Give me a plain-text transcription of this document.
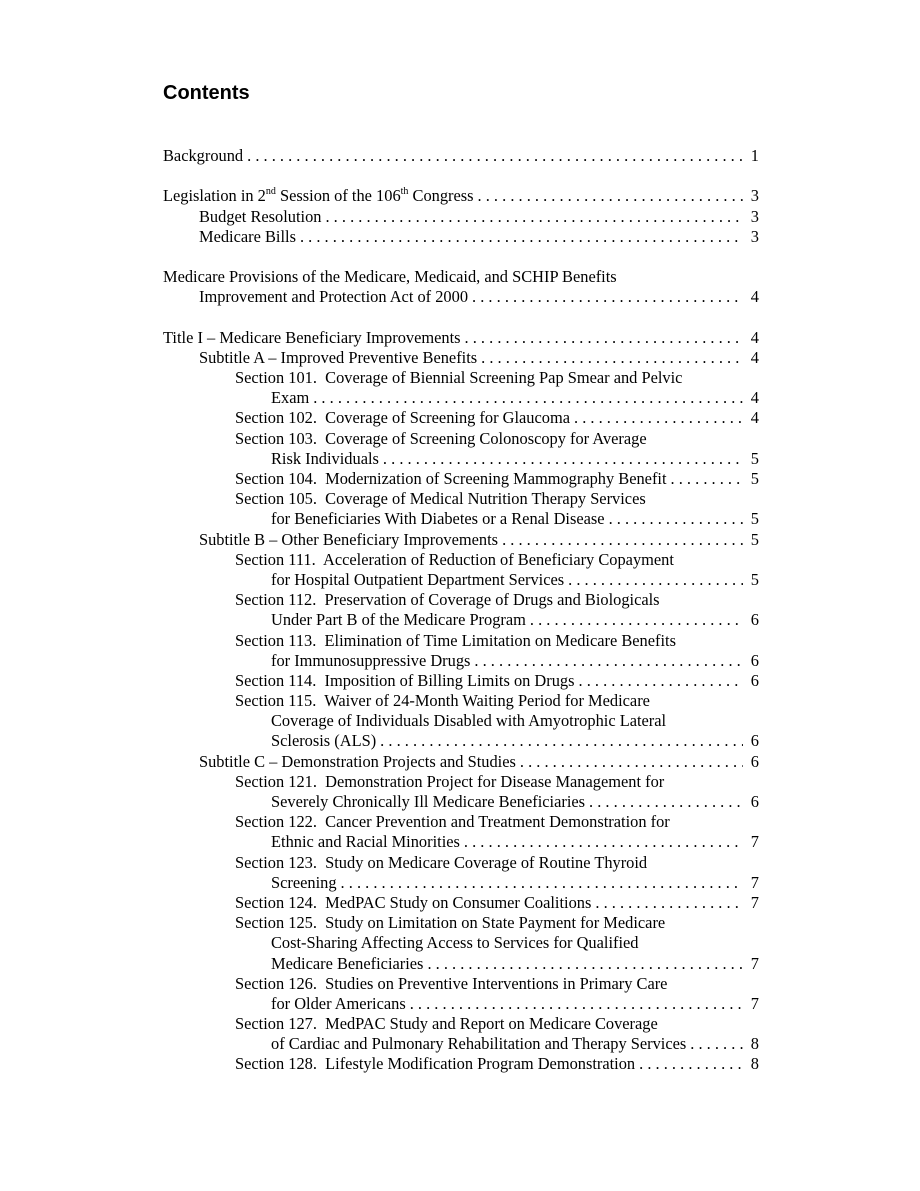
Contents
Background . . .	1
Legislation in 2nd Session of the 106th Congress . . .	3
Budget Resolution . . .	3
Medicare Bills . . .	3
Medicare Provisions of the Medicare, Medicaid, and SCHIP Benefits
Improvement and Protection Act of 2000 . . .	4
Title I – Medicare Beneficiary Improvements . . .	4
Subtitle A – Improved Preventive Benefits . . .	4
Section 101.  Coverage of Biennial Screening Pap Smear and Pelvic
Exam . . .	4
Section 102.  Coverage of Screening for Glaucoma . . .	4
Section 103.  Coverage of Screening Colonoscopy for Average
Risk Individuals . . .	5
Section 104.  Modernization of Screening Mammography Benefit . . .	5
Section 105.  Coverage of Medical Nutrition Therapy Services
for Beneficiaries With Diabetes or a Renal Disease . . .	5
Subtitle B – Other Beneficiary Improvements . . .	5
Section 111.  Acceleration of Reduction of Beneficiary Copayment
for Hospital Outpatient Department Services . . .	5
Section 112.  Preservation of Coverage of Drugs and Biologicals
Under Part B of the Medicare Program . . .	6
Section 113.  Elimination of Time Limitation on Medicare Benefits
for Immunosuppressive Drugs . . .	6
Section 114.  Imposition of Billing Limits on Drugs . . .	6
Section 115.  Waiver of 24-Month Waiting Period for Medicare
Coverage of Individuals Disabled with Amyotrophic Lateral
Sclerosis (ALS) . . .	6
Subtitle C – Demonstration Projects and Studies . . .	6
Section 121.  Demonstration Project for Disease Management for
Severely Chronically Ill Medicare Beneficiaries . . .	6
Section 122.  Cancer Prevention and Treatment Demonstration for
Ethnic and Racial Minorities . . .	7
Section 123.  Study on Medicare Coverage of Routine Thyroid
Screening . . .	7
Section 124.  MedPAC Study on Consumer Coalitions . . .	7
Section 125.  Study on Limitation on State Payment for Medicare
Cost-Sharing Affecting Access to Services for Qualified
Medicare Beneficiaries . . .	7
Section 126.  Studies on Preventive Interventions in Primary Care
for Older Americans . . .	7
Section 127.  MedPAC Study and Report on Medicare Coverage
of Cardiac and Pulmonary Rehabilitation and Therapy Services . . .	8
Section 128.  Lifestyle Modification Program Demonstration . . .	8
